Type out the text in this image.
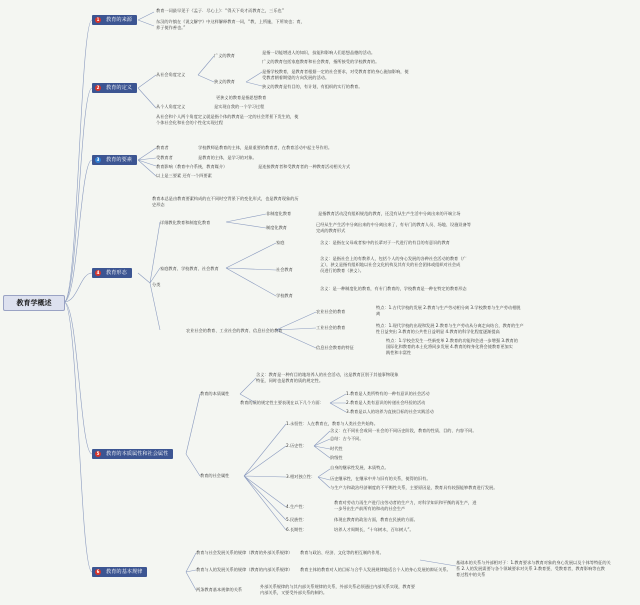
教育学概述
1	教育的来源
2	教育的定义
3	教育的要素
4	教育形态
5	教育的本质属性和社会属性
6	教育的基本规律
教育一词最早见于《孟子．尽心上》：“得天下英才而教育之，三乐也”
东汉的许慎在《说文解字》中这样解释教育一词，“教，上所施，下所效也；育，
养子使作善也。”
从社会角度定义
广义的教育
是指一切能增进人的知识，技能和影响人们思想品德的活动。
狭义的教育
广义的教育包括家庭教育和社会教育，指所接受的学校教育的。
是指学校教育，是教育者根据一定的社会要求，对受教育者的身心施加影响，使
受教者朝着期望的方向发展的活动。
狭义的教育是有目的，有计划，有组织的实行的教育。
更狭义的教育是指思想教育
从个人角度定义	是实现自我的一个学习过程
从社会和个人两个角度定义就是指个体的教育是一定的社会背景下发生的，使
个体社会化和社会的个性化实现过程
教育者	学校教师是教育的主体，是最重要的教育者，在教育活动中起主导作用。
受教育者	是教育的主体，是学习的对象。
教育影响（教育中介系统，教育媒介）	是连接教育者和受教育者的一种教育活动相关方式
以上是三要素 还有一个四要素
教育本总是由教育要素构成的在不同时空背景下的变化形式，也是教育现象的历
史形态
分类
详细教化教育和制度化教育
非制度化教育	是指教育活动没有组织规范的教育，还没有从生产生活中分离出来的开端立场
制度化教育
已经从生产生活中分离出来的中分离出来了，有专门的教育人员、场地、设施设备等
完成的教育形式
家庭教育、学校教育、社会教育
家庭	含义：是指在父母或者家中的长辈对于一代进行的有目的有意识的教育
社会教育
含义：是指社会上的有教养人，包括个人的身心发展的各种社会活动的教育（广
义），狭义是指有组织地以社会文化机构及其有关的社会团体或组织对社会成
员进行的教育（狭义）。
学校教育
含义：是一种制度化的教育，有专门教育的，学校教育是一种在特定的教育形态
农业社会的教育、工业社会的教育、信息社会的教育
农业社会的教育
特点：1.古代学校的发展 2.教育与生产劳动相分离 3.学校教育与生产劳动相脱
离
工业社会的教育	特点：1.现代学校的出现和发展 2.教育与生产劳动从分离走向结合，教育的生产
性日益突出 3.教育的公共性日益明显 4.教育的科学化程度逐渐提高
信息社会教育的特征
特点：1.学校会发生一些新变革 2.教育的功能和会进一步增强 3.教育的
国际化和教育的本土化将同步发展 4.教育的终身化将会使教育更加实
践性和丰富性
教育的本质属性
含义：教育是一种有目的地培养人的社会活动，这是教育区别于其他事物现象
特征，同时也是教育的质的规定性。
教育的质的规定性主要表现在以下几个方面：
1.教育是人类所特有的一种有意识的社会活动
2.教育是人类有意识的传递社会经验的活动
3.教育是以人的培养为直接目标的社会实践活动
教育的社会属性
1.永恒性：人在教育在，教育与人类社会共始终。
2.历史性：
含义：在不同社会或同一社会的不同历史阶段，教育的性质、目的、内容不同。
总结：古今不同。
时代性
阶级性
3.相对独立性：
自身的继承性发展，本质特点。
历史继承性，在继承中并与旧有的关系，使得的旧有。
与生产力和政治经济制度的不平衡性关系，主要原因是，教育具有较强能够教育进行发展。
4.生产性：
教育对劳动力再生产进行出劳动者的生产力，对科学知识和平衡的再生产，进
一步导出生产前所有的和动的社会生产
5.民族性：	体现在教育的政治方面，教育在民族的方面。
6.长期性：	培养人才周期长，“十年树木，百年树人”。
教育与社会发展关系的规律（教育的外部关系规律） 教育与政治、经济、文化等的相互制约作用。
教育与人的发展关系的规律（教育的内部关系规律） 教育主体的教育对人的目标与合乎人发展规律地适合个人的身心发展的辩证关系。
两条教育基本规律的关系
外部关系规律的与其内部关系规律的关系，外部关系必须通过内部关系实现，教育要
内部关系，又要受外部关系的制约。
基础本的关系与外部相对于：1.教育要求与教育对象的身心发展以及个体等特征的关
系 2.人的发展需要与各个领域要求对关系 3.教育要，受教育者，教育影响等在教
育过程中的关系
